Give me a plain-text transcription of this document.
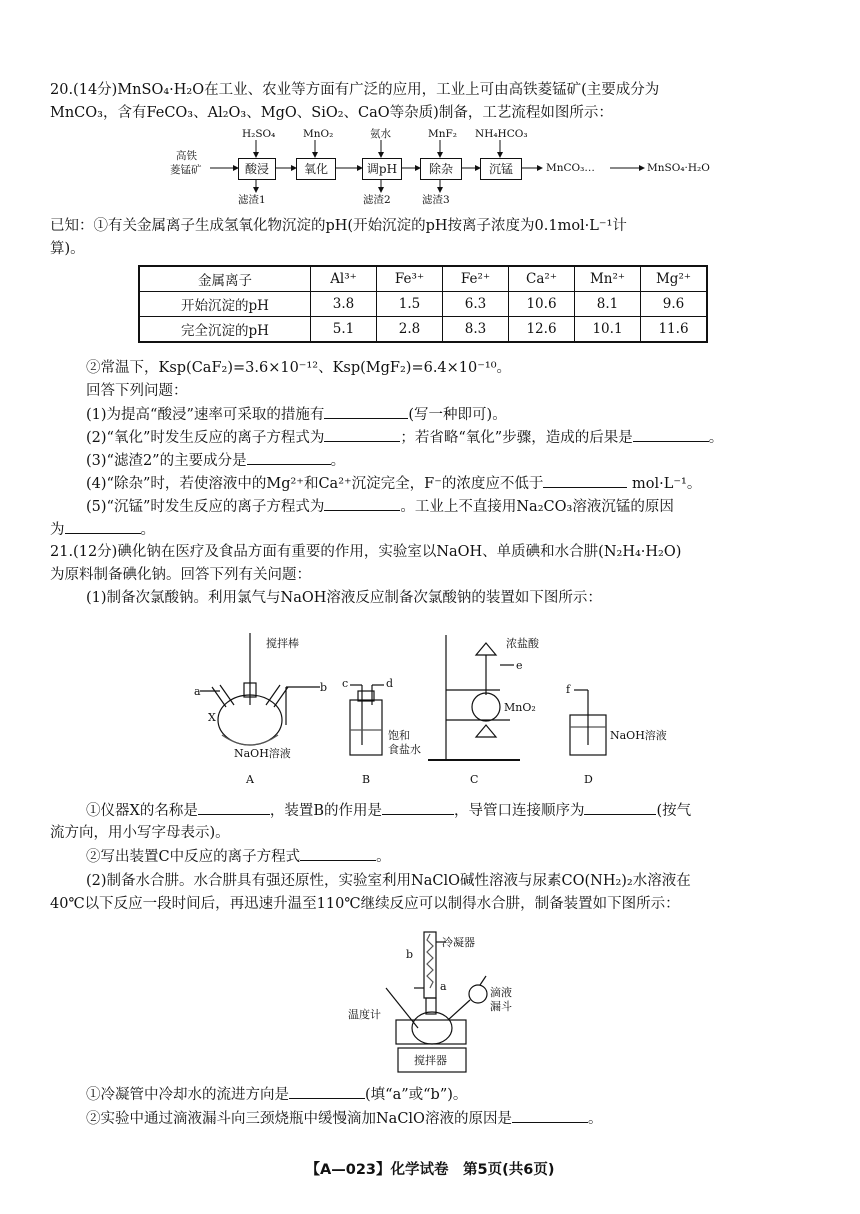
20.(14分)MnSO₄·H₂O在工业、农业等方面有广泛的应用，工业上可由高铁菱锰矿(主要成分为
MnCO₃，含有FeCO₃、Al₂O₃、MgO、SiO₂、CaO等杂质)制备，工艺流程如图所示：
高铁
菱锰矿	酸浸	氧化	调pH	除杂	沉锰
H₂SO₄	MnO₂	氨水	MnF₂ NH₄HCO₃
滤渣1	滤渣2	滤渣3
MnCO₃…	MnSO₄·H₂O
已知：①有关金属离子生成氢氧化物沉淀的pH(开始沉淀的pH按离子浓度为0.1mol·L⁻¹计
算)。
金属离子	Al³⁺	Fe³⁺	Fe²⁺	Ca²⁺	Mn²⁺	Mg²⁺
开始沉淀的pH	3.8	1.5	6.3	10.6	8.1	9.6
完全沉淀的pH	5.1	2.8	8.3	12.6	10.1	11.6
②常温下，Ksp(CaF₂)=3.6×10⁻¹²、Ksp(MgF₂)=6.4×10⁻¹⁰。
回答下列问题：
(1)为提高“酸浸”速率可采取的措施有	(写一种即可)。
(2)“氧化”时发生反应的离子方程式为	；若省略“氧化”步骤，造成的后果是	。
(3)“滤渣2”的主要成分是	。
(4)“除杂”时，若使溶液中的Mg²⁺和Ca²⁺沉淀完全，F⁻的浓度应不低于	mol·L⁻¹。
(5)“沉锰”时发生反应的离子方程式为	。工业上不直接用Na₂CO₃溶液沉锰的原因
为	。
21.(12分)碘化钠在医疗及食品方面有重要的作用，实验室以NaOH、单质碘和水合肼(N₂H₄·H₂O)
为原料制备碘化钠。回答下列有关问题：
(1)制备次氯酸钠。利用氯气与NaOH溶液反应制备次氯酸钠的装置如下图所示：
搅拌棒
a	b
X
NaOH溶液
A
c	d
饱和
食盐水
B
浓盐酸
e
MnO₂
C
f
NaOH溶液
D
①仪器X的名称是	，装置B的作用是	，导管口连接顺序为	(按气
流方向，用小写字母表示)。
②写出装置C中反应的离子方程式	。
(2)制备水合肼。水合肼具有强还原性，实验室利用NaClO碱性溶液与尿素CO(NH₂)₂水溶液在
40℃以下反应一段时间后，再迅速升温至110℃继续反应可以制得水合肼，制备装置如下图所示：
b
冷凝器
a	滴液
漏斗
温度计
搅拌器
①冷凝管中冷却水的流进方向是	(填“a”或“b”)。
②实验中通过滴液漏斗向三颈烧瓶中缓慢滴加NaClO溶液的原因是	。
【A—023】化学试卷　第5页(共6页)
